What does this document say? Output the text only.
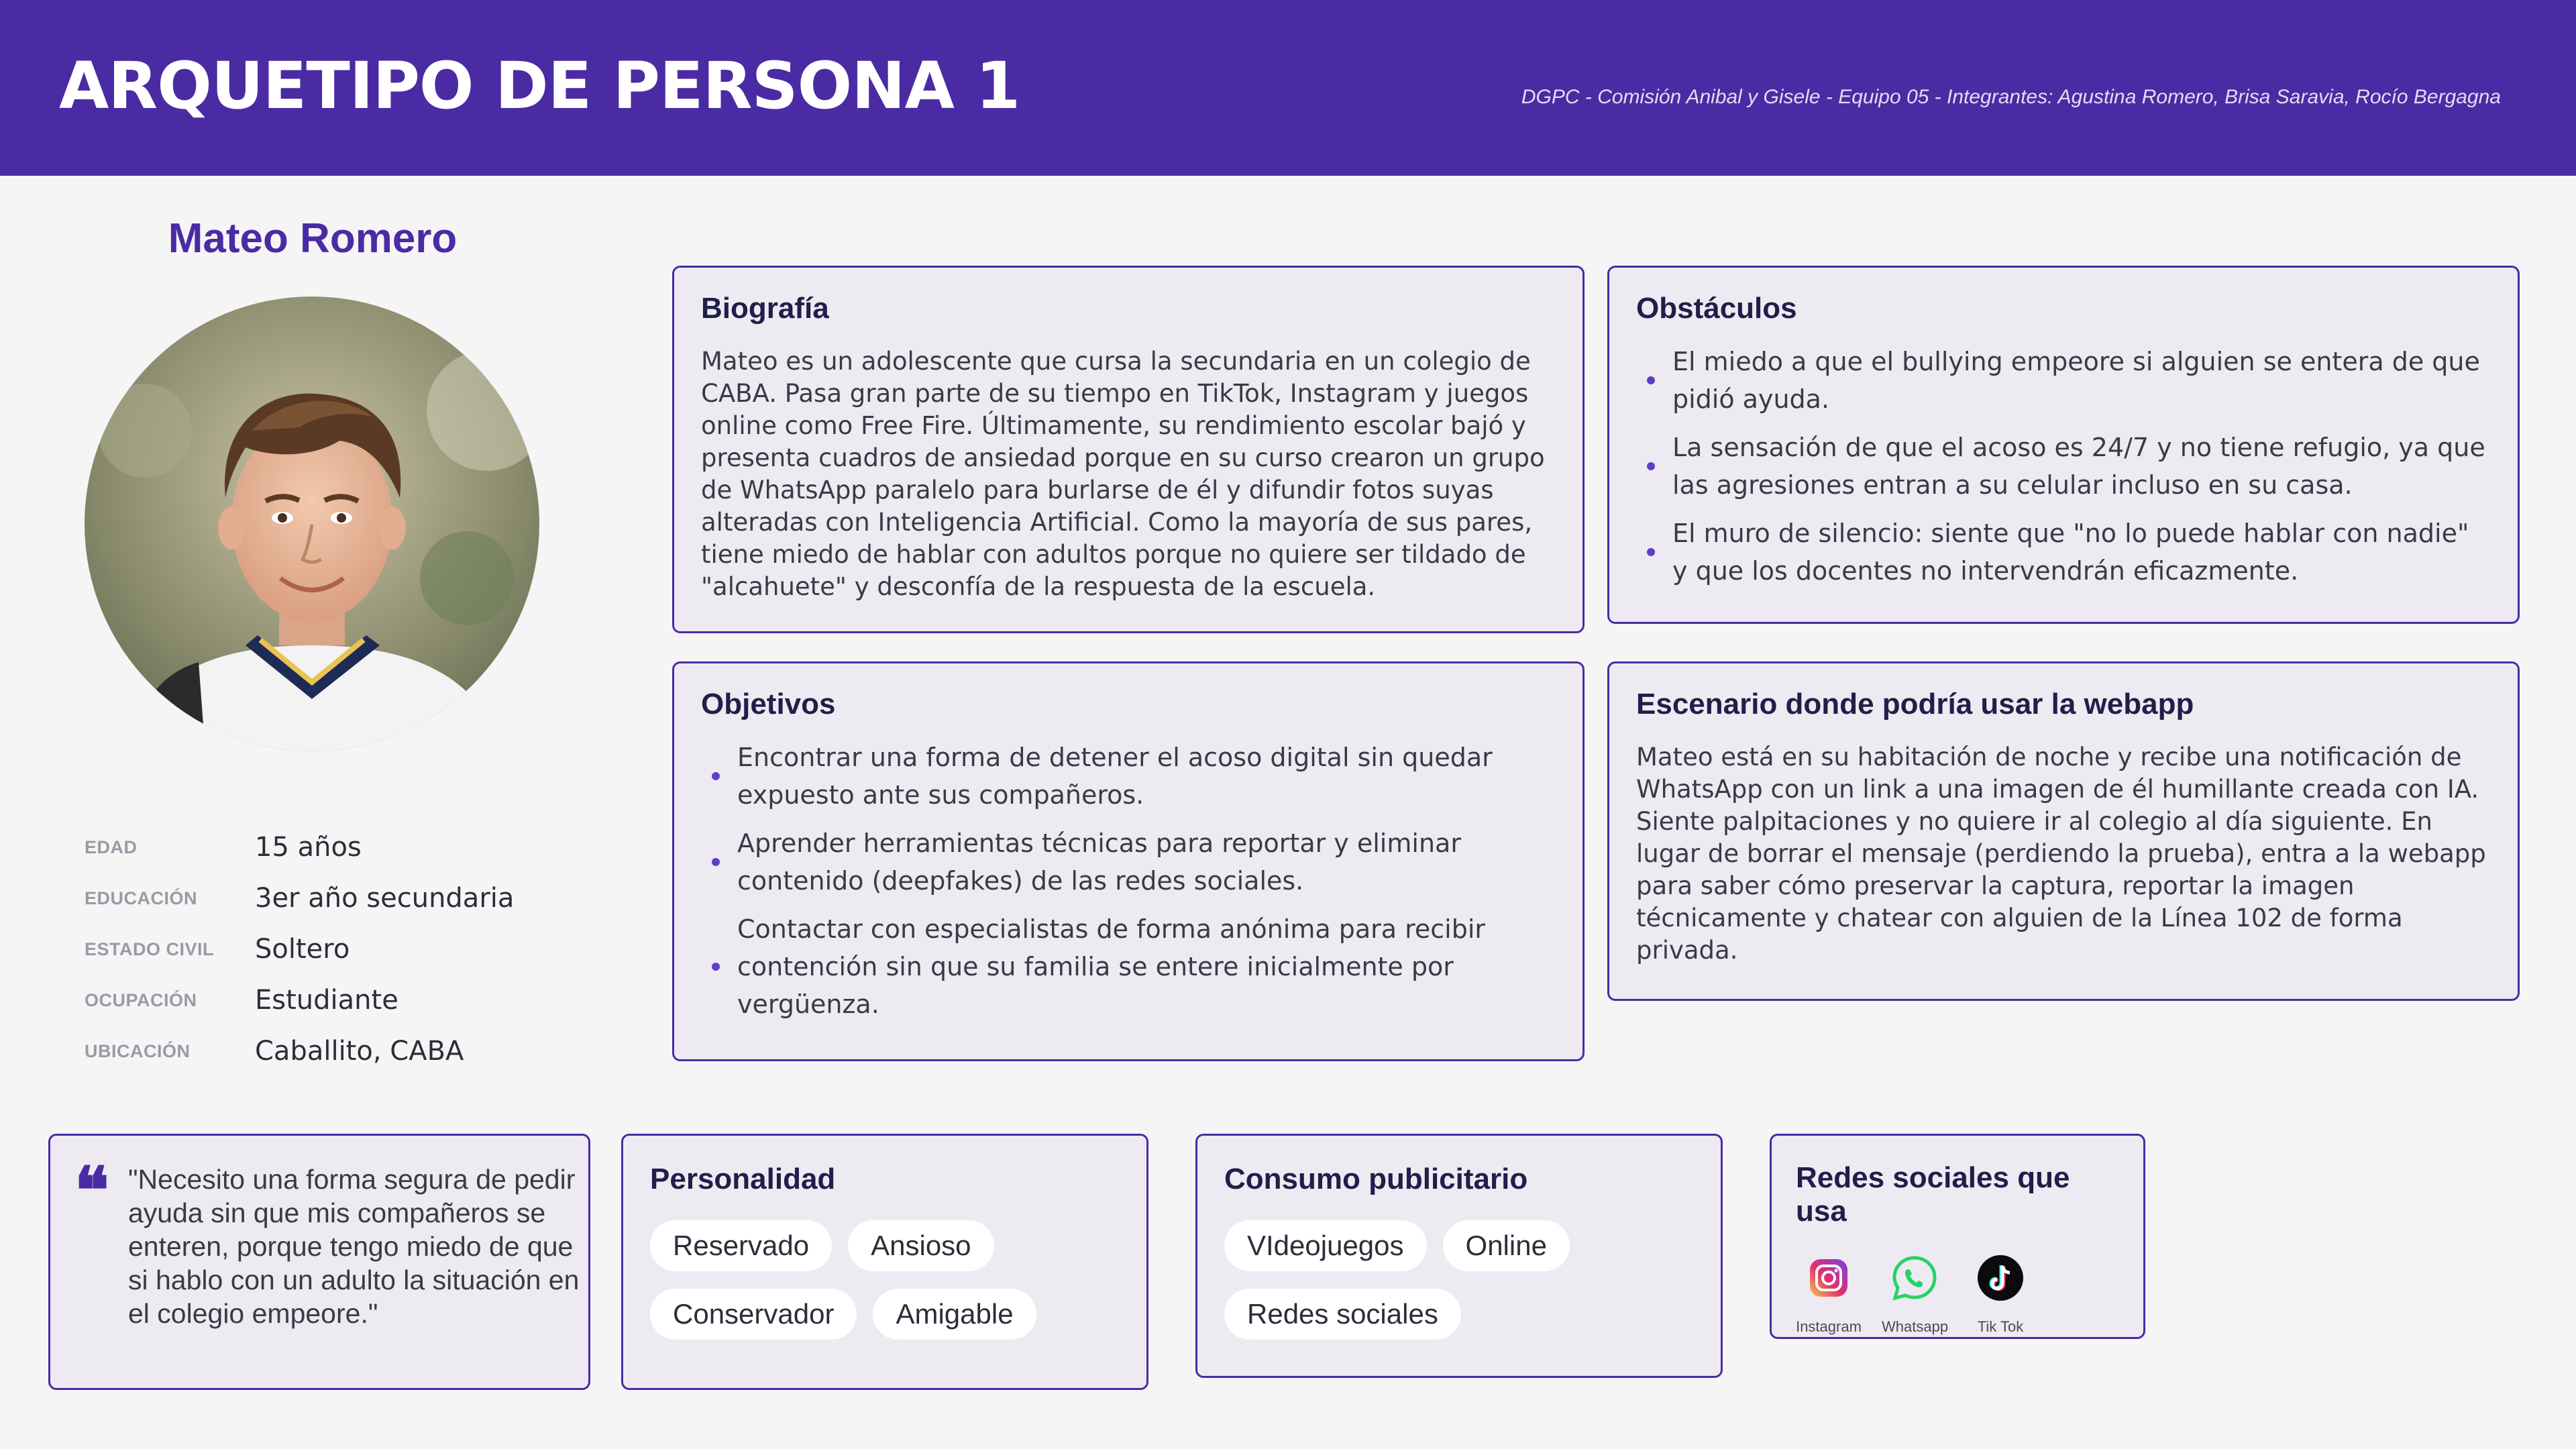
ARQUETIPO DE PERSONA 1	DGPC - Comisión Anibal y Gisele - Equipo 05 - Integrantes: Agustina Romero, Brisa Saravia, Rocío Bergagna
Mateo Romero
EDAD	15 años
EDUCACIÓN	3er año secundaria
ESTADO CIVIL	Soltero
OCUPACIÓN	Estudiante
UBICACIÓN	Caballito, CABA
Biografía
Mateo es un adolescente que cursa la secundaria en un colegio de CABA. Pasa gran parte de su tiempo en TikTok, Instagram y juegos online como Free Fire. Últimamente, su rendimiento escolar bajó y presenta cuadros de ansiedad porque en su curso crearon un grupo de WhatsApp paralelo para burlarse de él y difundir fotos suyas alteradas con Inteligencia Artificial. Como la mayoría de sus pares, tiene miedo de hablar con adultos porque no quiere ser tildado de "alcahuete" y desconfía de la respuesta de la escuela.
Obstáculos
El miedo a que el bullying empeore si alguien se entera de que pidió ayuda.
La sensación de que el acoso es 24/7 y no tiene refugio, ya que las agresiones entran a su celular incluso en su casa.
El muro de silencio: siente que "no lo puede hablar con nadie" y que los docentes no intervendrán eficazmente.
Objetivos
Encontrar una forma de detener el acoso digital sin quedar expuesto ante sus compañeros.
Aprender herramientas técnicas para reportar y eliminar contenido (deepfakes) de las redes sociales.
Contactar con especialistas de forma anónima para recibir contención sin que su familia se entere inicialmente por vergüenza.
Escenario donde podría usar la webapp
Mateo está en su habitación de noche y recibe una notificación de WhatsApp con un link a una imagen de él humillante creada con IA. Siente palpitaciones y no quiere ir al colegio al día siguiente. En lugar de borrar el mensaje (perdiendo la prueba), entra a la webapp para saber cómo preservar la captura, reportar la imagen técnicamente y chatear con alguien de la Línea 102 de forma privada.
❝ "Necesito una forma segura de pedir ayuda sin que mis compañeros se enteren, porque tengo miedo de que si hablo con un adulto la situación en el colegio empeore."
Personalidad
Reservado	Ansioso
Conservador	Amigable
Consumo publicitario
VIdeojuegos	Online
Redes sociales
Redes sociales que usa
Instagram Whatsapp	Tik Tok
